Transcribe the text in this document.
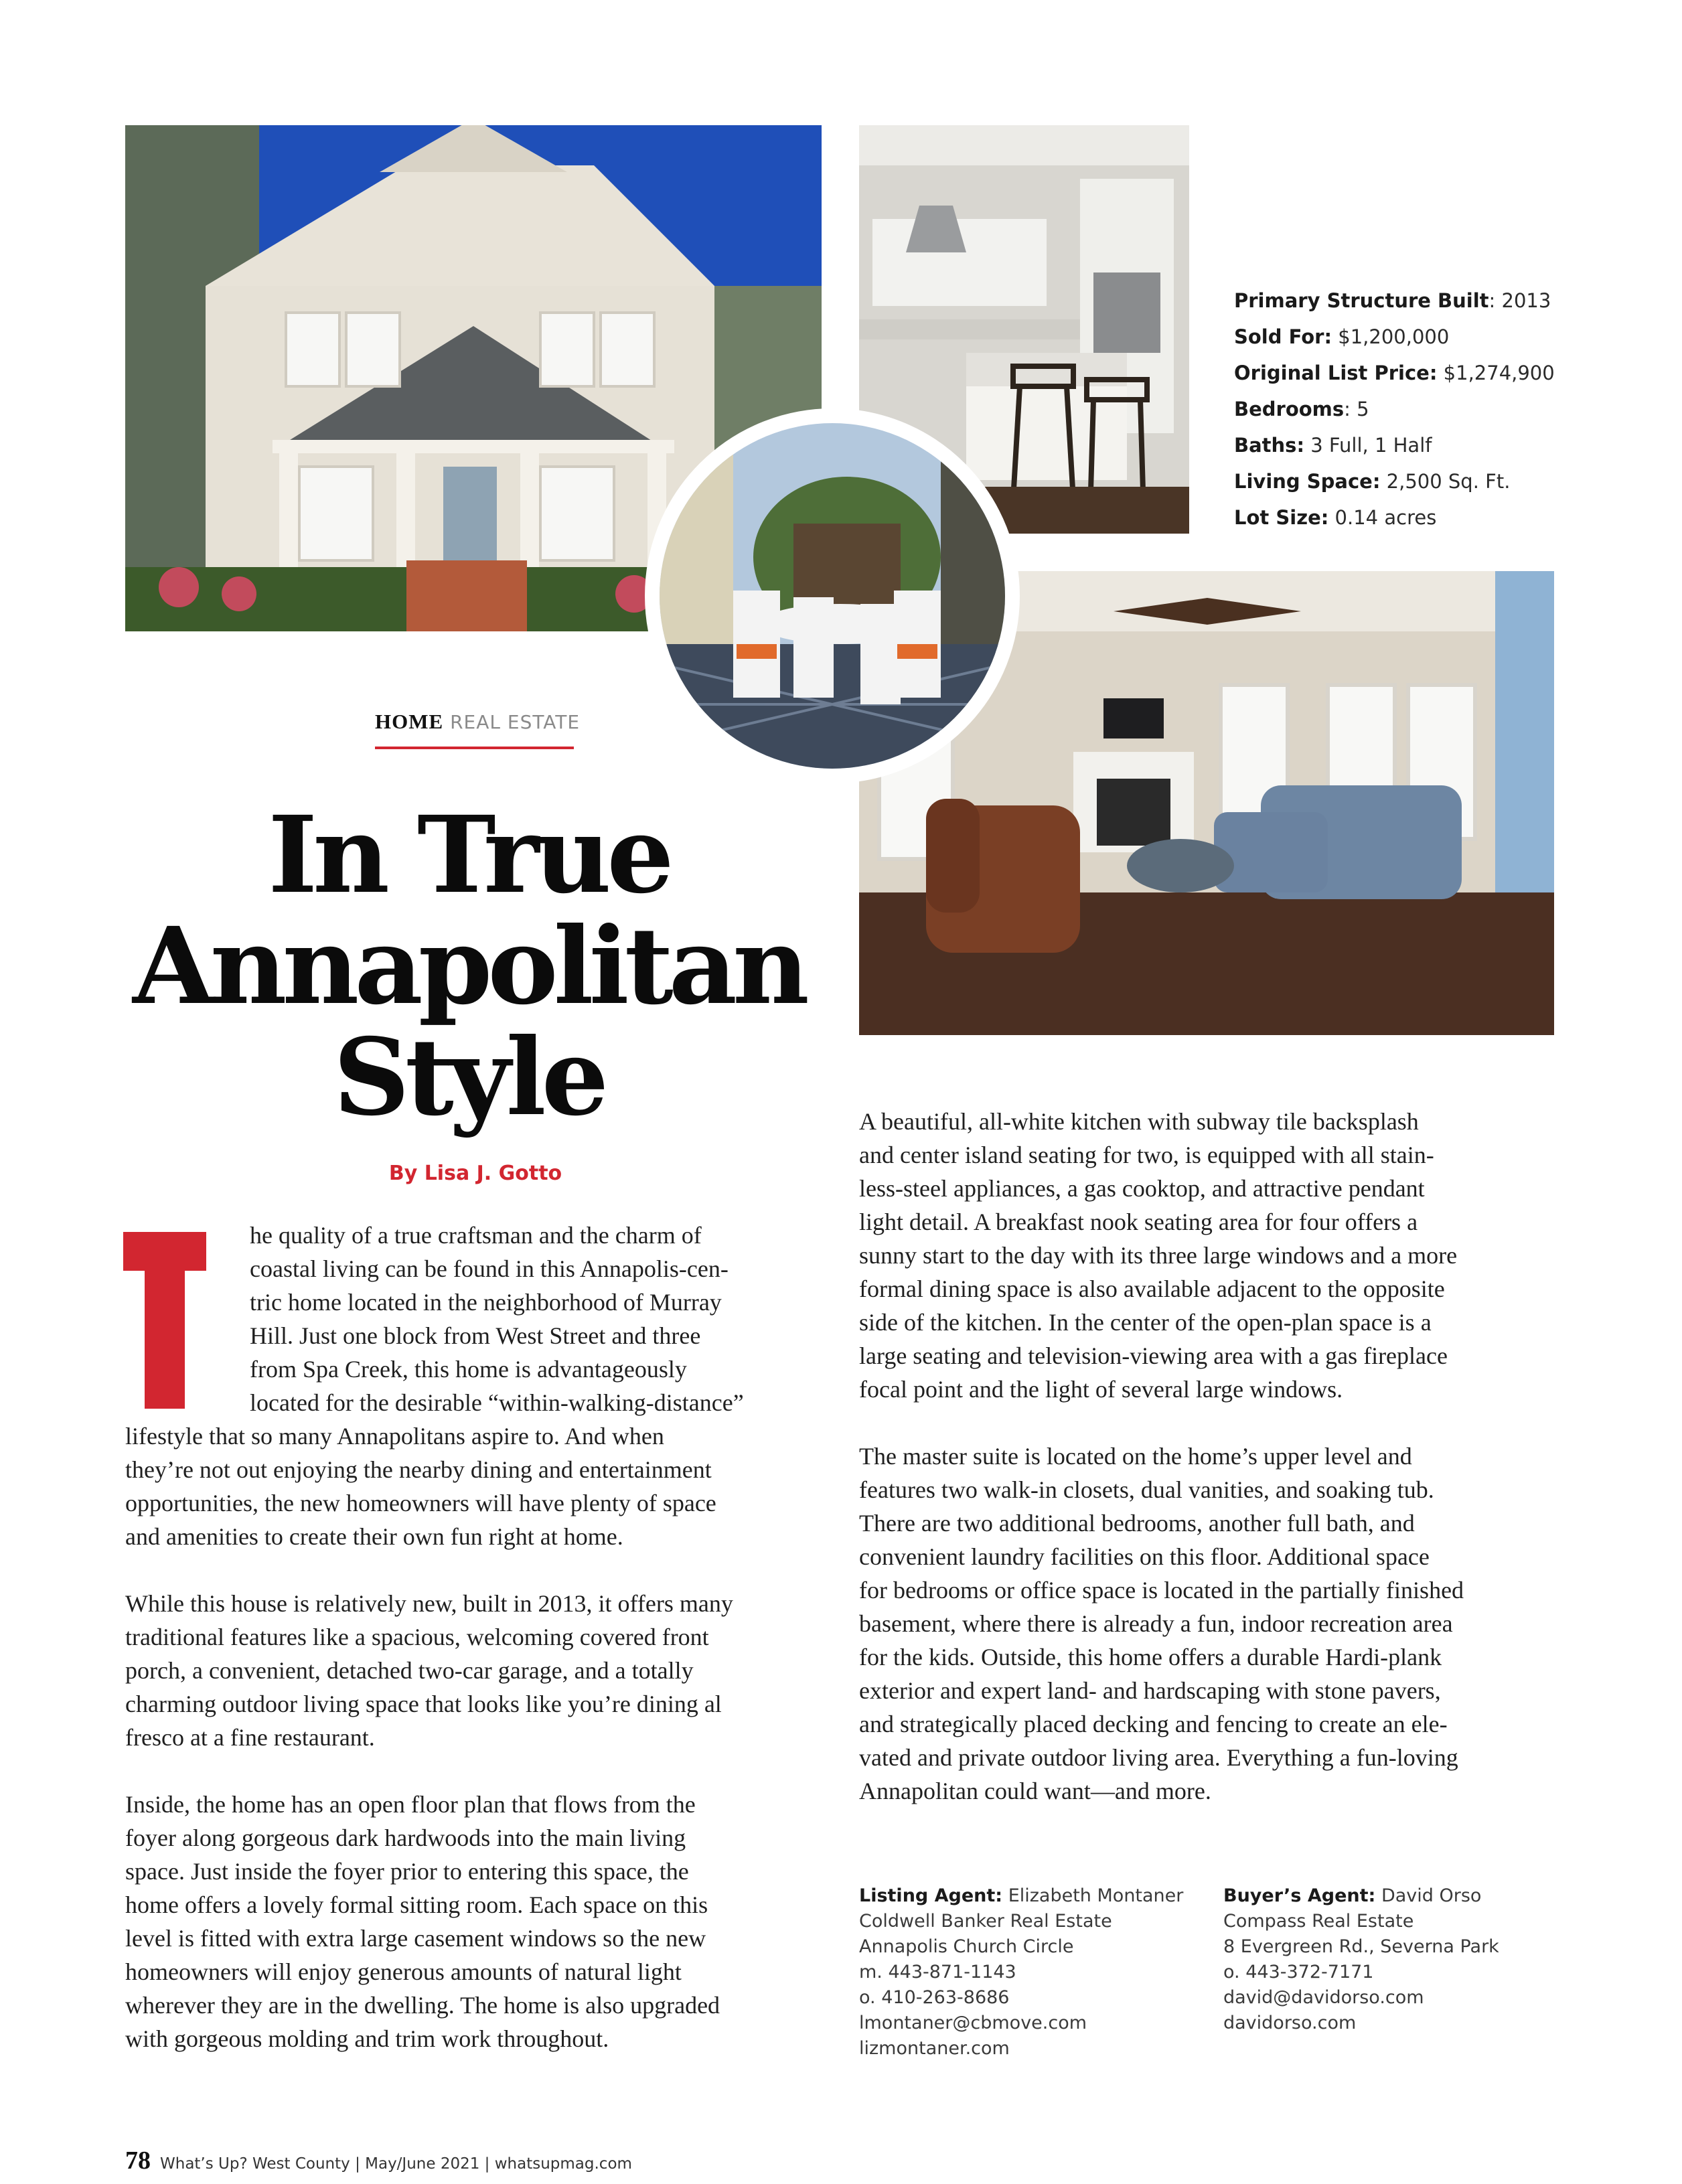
Primary Structure Built: 2013
Sold For: $1,200,000
Original List Price: $1,274,900
Bedrooms: 5
Baths: 3 Full, 1 Half
Living Space: 2,500 Sq. Ft.
Lot Size: 0.14 acres
HOME REAL ESTATE
In True
Annapolitan
Style
By Lisa J. Gotto
he quality of a true craftsman and the charm of
coastal living can be found in this Annapolis-cen-
tric home located in the neighborhood of Murray
Hill. Just one block from West Street and three
from Spa Creek, this home is advantageously
located for the desirable “within-walking-distance”
lifestyle that so many Annapolitans aspire to. And when
they’re not out enjoying the nearby dining and entertainment
opportunities, the new homeowners will have plenty of space
and amenities to create their own fun right at home.
While this house is relatively new, built in 2013, it offers many
traditional features like a spacious, welcoming covered front
porch, a convenient, detached two-car garage, and a totally
charming outdoor living space that looks like you’re dining al
fresco at a fine restaurant.
Inside, the home has an open floor plan that flows from the
foyer along gorgeous dark hardwoods into the main living
space. Just inside the foyer prior to entering this space, the
home offers a lovely formal sitting room. Each space on this
level is fitted with extra large casement windows so the new
homeowners will enjoy generous amounts of natural light
wherever they are in the dwelling. The home is also upgraded
with gorgeous molding and trim work throughout.
A beautiful, all-white kitchen with subway tile backsplash
and center island seating for two, is equipped with all stain-
less-steel appliances, a gas cooktop, and attractive pendant
light detail. A breakfast nook seating area for four offers a
sunny start to the day with its three large windows and a more
formal dining space is also available adjacent to the opposite
side of the kitchen. In the center of the open-plan space is a
large seating and television-viewing area with a gas fireplace
focal point and the light of several large windows.
The master suite is located on the home’s upper level and
features two walk-in closets, dual vanities, and soaking tub.
There are two additional bedrooms, another full bath, and
convenient laundry facilities on this floor. Additional space
for bedrooms or office space is located in the partially finished
basement, where there is already a fun, indoor recreation area
for the kids. Outside, this home offers a durable Hardi-plank
exterior and expert land- and hardscaping with stone pavers,
and strategically placed decking and fencing to create an ele-
vated and private outdoor living area. Everything a fun-loving
Annapolitan could want—and more.
Listing Agent: Elizabeth Montaner
Coldwell Banker Real Estate
Annapolis Church Circle
m. 443-871-1143
o. 410-263-8686
lmontaner@cbmove.com
lizmontaner.com
Buyer’s Agent: David Orso
Compass Real Estate
8 Evergreen Rd., Severna Park
o. 443-372-7171
david@davidorso.com
davidorso.com
78 What’s Up? West County | May/June 2021 | whatsupmag.com
